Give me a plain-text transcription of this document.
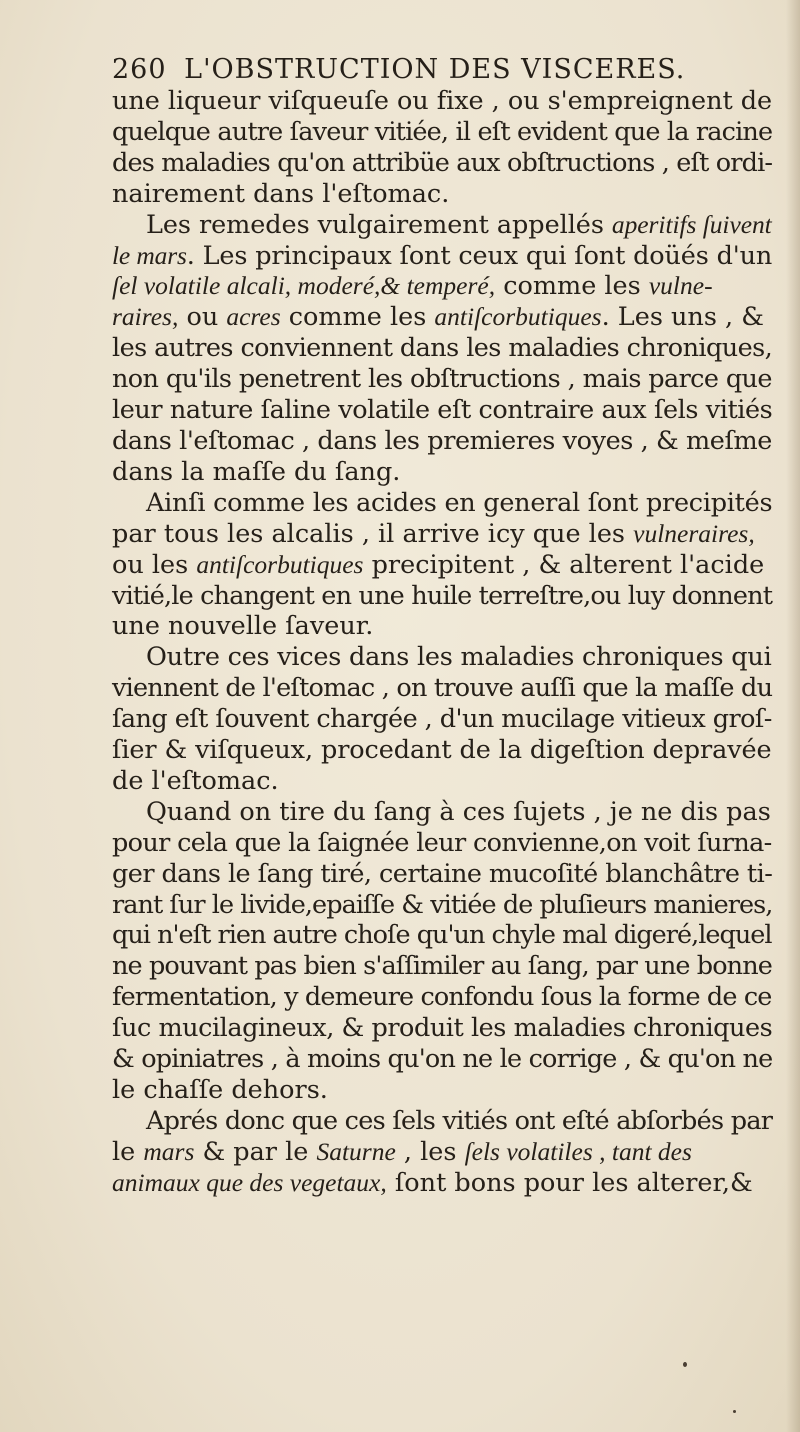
260 L'OBSTRUCTION DES VISCERES.
une liqueur viſqueuſe ou fixe , ou s'empreignent de
quelque autre ſaveur vitiée, il eſt evident que la racine
des maladies qu'on attribüe aux obſtructions , eſt ordi-
nairement dans l'eſtomac.
Les remedes vulgairement appellés aperitifs ſuivent
le mars. Les principaux ſont ceux qui ſont doüés d'un
ſel volatile alcali, moderé,& temperé, comme les vulne-
raires, ou acres comme les antiſcorbutiques. Les uns , &
les autres conviennent dans les maladies chroniques,
non qu'ils penetrent les obſtructions , mais parce que
leur nature ſaline volatile eſt contraire aux ſels vitiés
dans l'eſtomac , dans les premieres voyes , & meſme
dans la maſſe du ſang.
Ainſi comme les acides en general ſont precipités
par tous les alcalis , il arrive icy que les vulneraires,
ou les antiſcorbutiques precipitent , & alterent l'acide
vitié,le changent en une huile terreſtre,ou luy donnent
une nouvelle ſaveur.
Outre ces vices dans les maladies chroniques qui
viennent de l'eſtomac , on trouve auſſi que la maſſe du
ſang eſt ſouvent chargée , d'un mucilage vitieux groſ-
ſier & viſqueux, procedant de la digeſtion depravée
de l'eſtomac.
Quand on tire du ſang à ces ſujets , je ne dis pas
pour cela que la ſaignée leur convienne,on voit ſurna-
ger dans le ſang tiré, certaine mucoſité blanchâtre ti-
rant ſur le livide,epaiſſe & vitiée de pluſieurs manieres,
qui n'eſt rien autre choſe qu'un chyle mal digeré,lequel
ne pouvant pas bien s'aſſimiler au ſang, par une bonne
fermentation, y demeure confondu ſous la forme de ce
ſuc mucilagineux, & produit les maladies chroniques
& opiniatres , à moins qu'on ne le corrige , & qu'on ne
le chaſſe dehors.
Aprés donc que ces ſels vitiés ont eſté abſorbés par
le mars & par le Saturne , les ſels volatiles , tant des
animaux que des vegetaux, ſont bons pour les alterer,&
